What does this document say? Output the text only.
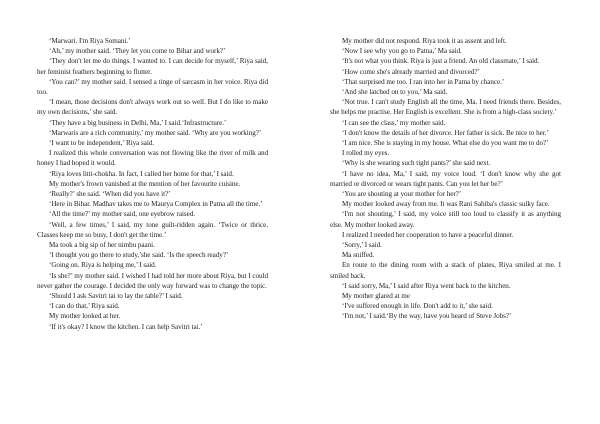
‘Marwari. I'm Riya Somani.’

‘Ah,’ my mother said. ‘They let you come to Bihar and work?’

‘They don't let me do things. I wanted to. I can decide for myself,’ Riya said, her feminist feathers beginning to flutter.

‘You can?’ my mother said. I sensed a tinge of sarcasm in her voice. Riya did too.

‘I mean, those decisions don't always work out so well. But I do like to make my own decisions,’ she said.

‘They have a big business in Delhi, Ma,’ I said.‘Infrastructure.’

‘Marwaris are a rich community,’ my mother said. ‘Why are you working?’

‘I want to be independent,’ Riya said.

I realized this whole conversation was not flowing like the river of milk and honey I had hoped it would.

‘Riya loves litti-chokha. In fact, I called her home for that,’ I said.

My mother's frown vanished at the mention of her favourite cuisine.

‘Really?’ she said. ‘When did you have it?’

‘Here in Bihar. Madhav takes me to Maurya Complex in Patna all the time.’

‘All the time?’ my mother said, one eyebrow raised.

‘Well, a few times,’ I said, my tone guilt-ridden again. ‘Twice or thrice. Classes keep me so busy, I don't get the time.’

Ma took a big sip of her nimbu paani.

‘I thought you go there to study,’she said. ‘Is the speech ready?’

‘Going on. Riya is helping me,’ I said.

‘Is she?’ my mother said. I wished I had told her more about Riya, but I could never gather the courage. I decided the only way forward was to change the topic.

‘Should I ask Savitri tai to lay the table?’ I said.

‘I can do that,’ Riya said.

My mother looked at her.

‘If it's okay? I know the kitchen. I can help Savitri tai.’

My mother did not respond. Riya took it as assent and left.

‘Now I see why you go to Patna,’ Ma said.

‘It's not what you think. Riya is just a friend. An old classmate,’ I said.

‘How come she's already married and divorced?’

‘That surprised me too. I ran into her in Patna by chance.’

‘And she latched on to you,’ Ma said.

‘Not true. I can't study English all the time, Ma. I need friends there. Besides, she helps me practise. Her English is excellent. She is from a high-class society.’

‘I can see the class,’ my mother said.

‘I don't know the details of her divorce. Her father is sick. Be nice to her.’

‘I am nice. She is staying in my house. What else do you want me to do?’

I rolled my eyes.

‘Why is she wearing such tight pants?’ she said next.

‘I have no idea, Ma,’ I said, my voice loud. ‘I don't know why she got married or divorced or wears tight pants. Can you let her be?’

‘You are shouting at your mother for her?’

My mother looked away from me. It was Rani Sahiba's classic sulky face.

‘I'm not shouting,’ I said, my voice still too loud to classify it as anything else. My mother looked away.

I realized I needed her cooperation to have a peaceful dinner.

‘Sorry,’ I said.

Ma sniffed.

En route to the dining room with a stack of plates, Riya smiled at me. I smiled back.

‘I said sorry, Ma,’ I said after Riya went back to the kitchen.

My mother glared at me

‘I've suffered enough in life. Don't add to it,’ she said.

‘I'm not,’ I said.‘By the way, have you heard of Steve Jobs?’
